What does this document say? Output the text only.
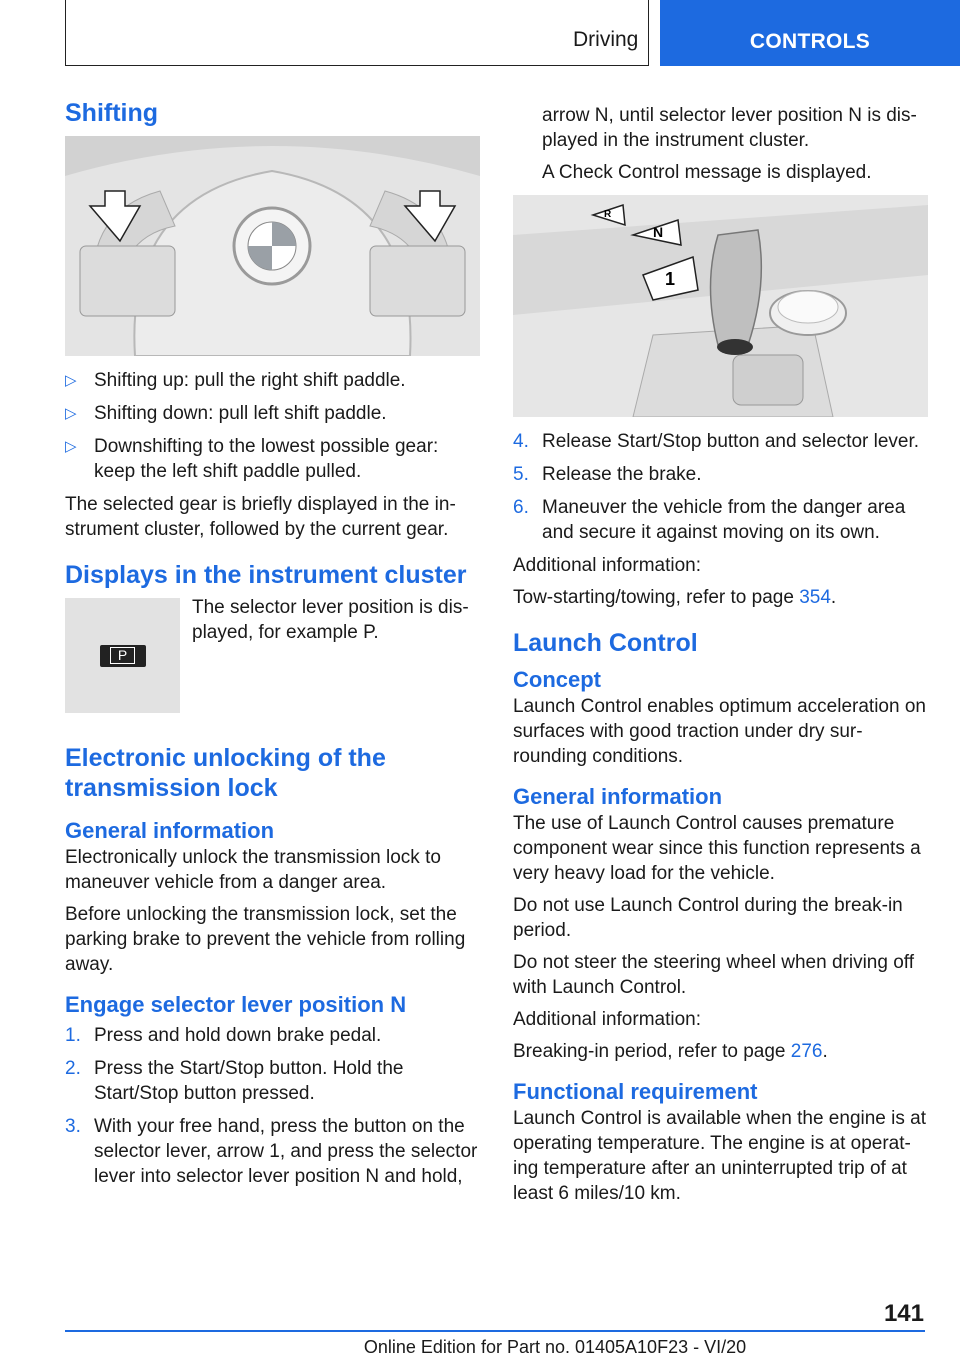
Driving	CONTROLS
Shifting
▷ Shifting up: pull the right shift paddle.
▷ Shifting down: pull left shift paddle.
▷ Downshifting to the lowest possible gear: keep the left shift paddle pulled.

The selected gear is briefly displayed in the instrument cluster, followed by the current gear.

Displays in the instrument cluster
P

The selector lever position is displayed, for example P.

Electronic unlocking of the transmission lock
General information

Electronically unlock the transmission lock to maneuver vehicle from a danger area.

Before unlocking the transmission lock, set the parking brake to prevent the vehicle from rolling away.

Engage selector lever position N
1. Press and hold down brake pedal.
2. Press the Start/Stop button. Hold the Start/Stop button pressed.
3. With your free hand, press the button on the selector lever, arrow 1, and press the selector lever into selector lever position N and hold,

arrow N, until selector lever position N is displayed in the instrument cluster.

A Check Control message is displayed.

R
N
1
4. Release Start/Stop button and selector lever.
5. Release the brake.
6. Maneuver the vehicle from the danger area and secure it against moving on its own.

Additional information:

Tow-starting/towing, refer to page 354.

Launch Control
Concept

Launch Control enables optimum acceleration on surfaces with good traction under dry surrounding conditions.

General information

The use of Launch Control causes premature component wear since this function represents a very heavy load for the vehicle.

Do not use Launch Control during the break-in period.

Do not steer the steering wheel when driving off with Launch Control.

Additional information:

Breaking-in period, refer to page 276.

Functional requirement

Launch Control is available when the engine is at operating temperature. The engine is at operating temperature after an uninterrupted trip of at least 6 miles/10 km.

141
Online Edition for Part no. 01405A10F23 - VI/20
